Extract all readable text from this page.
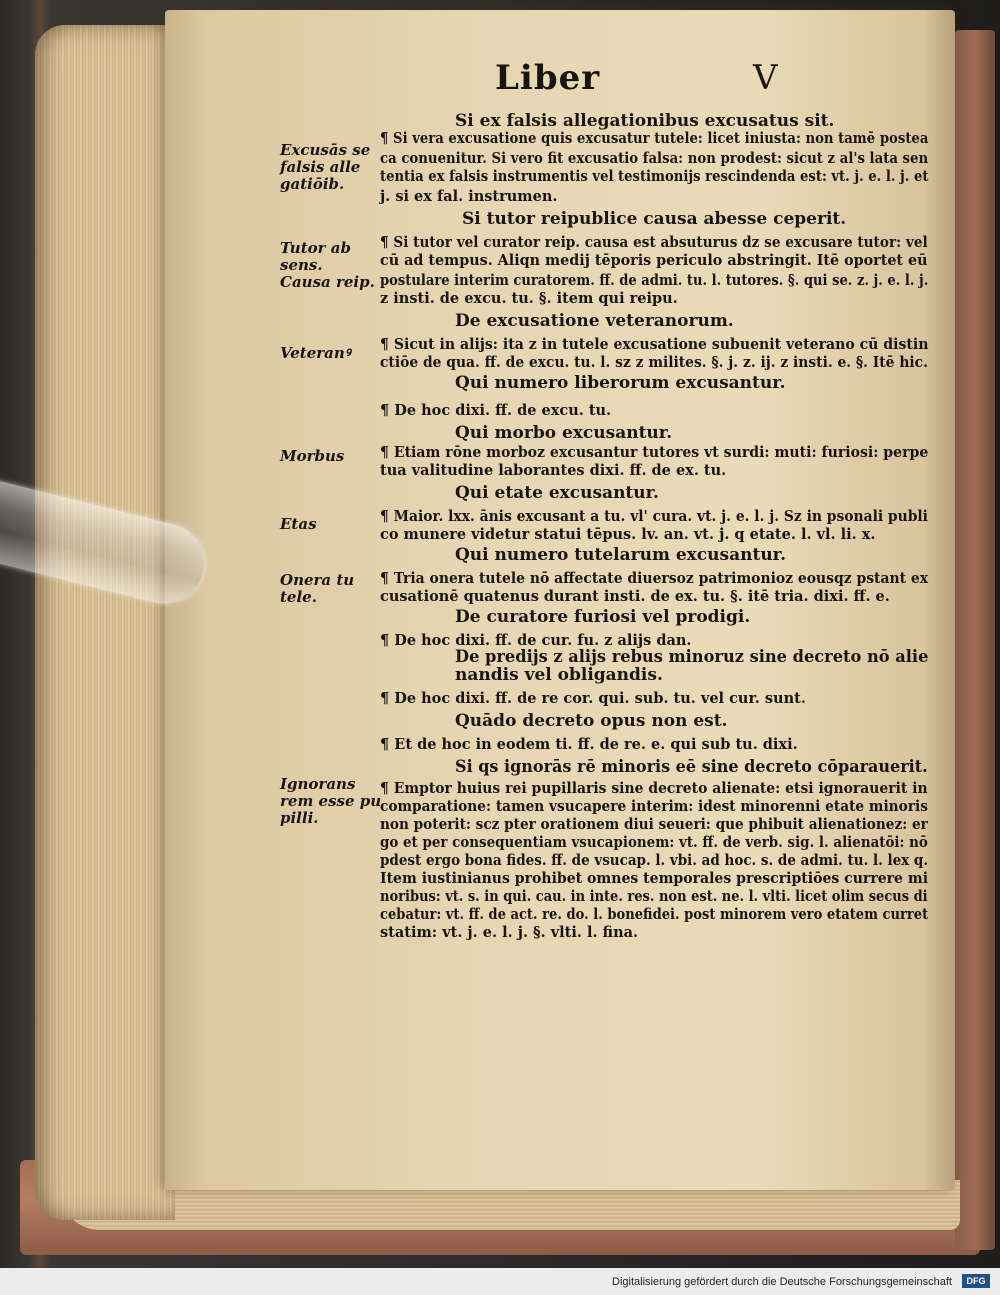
Liber	V
Si ex falsis allegationibus excusatus sit.
¶ Si vera excusatione quis excusatur tutele: licet iniusta: non tamē postea
ca conuenitur. Si vero fit excusatio falsa: non prodest: sicut z al's lata sen
tentia ex falsis instrumentis vel testimonijs rescindenda est: vt. j. e. l. j. et
j. si ex fal. instrumen.
Si tutor reipublice causa abesse ceperit.
¶ Si tutor vel curator reip. causa est absuturus dz se excusare tutor: vel
cū ad tempus. Aliqn medij tēporis periculo abstringit. Itē oportet eū
postulare interim curatorem. ff. de admi. tu. l. tutores. §. qui se. z. j. e. l. j.
z insti. de excu. tu. §. item qui reipu.
De excusatione veteranorum.
¶ Sicut in alijs: ita z in tutele excusatione subuenit veterano cū distin
ctiōe de qua. ff. de excu. tu. l. sz z milites. §. j. z. ij. z insti. e. §. Itē hic.
Qui numero liberorum excusantur.
¶ De hoc dixi. ff. de excu. tu.
Qui morbo excusantur.
¶ Etiam rōne morboz excusantur tutores vt surdi: muti: furiosi: perpe
tua valitudine laborantes dixi. ff. de ex. tu.
Qui etate excusantur.
¶ Maior. lxx. ānis excusant a tu. vl' cura. vt. j. e. l. j. Sz in psonali publi
co munere videtur statui tēpus. lv. an. vt. j. q etate. l. vl. li. x.
Qui numero tutelarum excusantur.
¶ Tria onera tutele nō affectate diuersoz patrimonioz eousqz pstant ex
cusationē quatenus durant insti. de ex. tu. §. itē tria. dixi. ff. e.
De curatore furiosi vel prodigi.
¶ De hoc dixi. ff. de cur. fu. z alijs dan.
De predijs z alijs rebus minoruz sine decreto nō alie
nandis vel obligandis.
¶ De hoc dixi. ff. de re cor. qui. sub. tu. vel cur. sunt.
Quādo decreto opus non est.
¶ Et de hoc in eodem ti. ff. de re. e. qui sub tu. dixi.
Si qs ignorās rē minoris eē sine decreto cōparauerit.
¶ Emptor huius rei pupillaris sine decreto alienate: etsi ignorauerit in
comparatione: tamen vsucapere interim: idest minorenni etate minoris
non poterit: scz pter orationem diui seueri: que phibuit alienationez: er
go et per consequentiam vsucapionem: vt. ff. de verb. sig. l. alienatōi: nō
pdest ergo bona fides. ff. de vsucap. l. vbi. ad hoc. s. de admi. tu. l. lex q.
Item iustinianus prohibet omnes temporales prescriptiōes currere mi
noribus: vt. s. in qui. cau. in inte. res. non est. ne. l. vlti. licet olim secus di
cebatur: vt. ff. de act. re. do. l. bonefidei. post minorem vero etatem curret
statim: vt. j. e. l. j. §. vlti. l. fina.
Excusās se
falsis alle
gatiōib.
Tutor ab
sens.
Causa reip.
Veteranꝰ
Morbus
Etas
Onera tu
tele.
Ignorans
rem esse pu
pilli.
Digitalisierung gefördert durch die Deutsche Forschungsgemeinschaft	DFG
